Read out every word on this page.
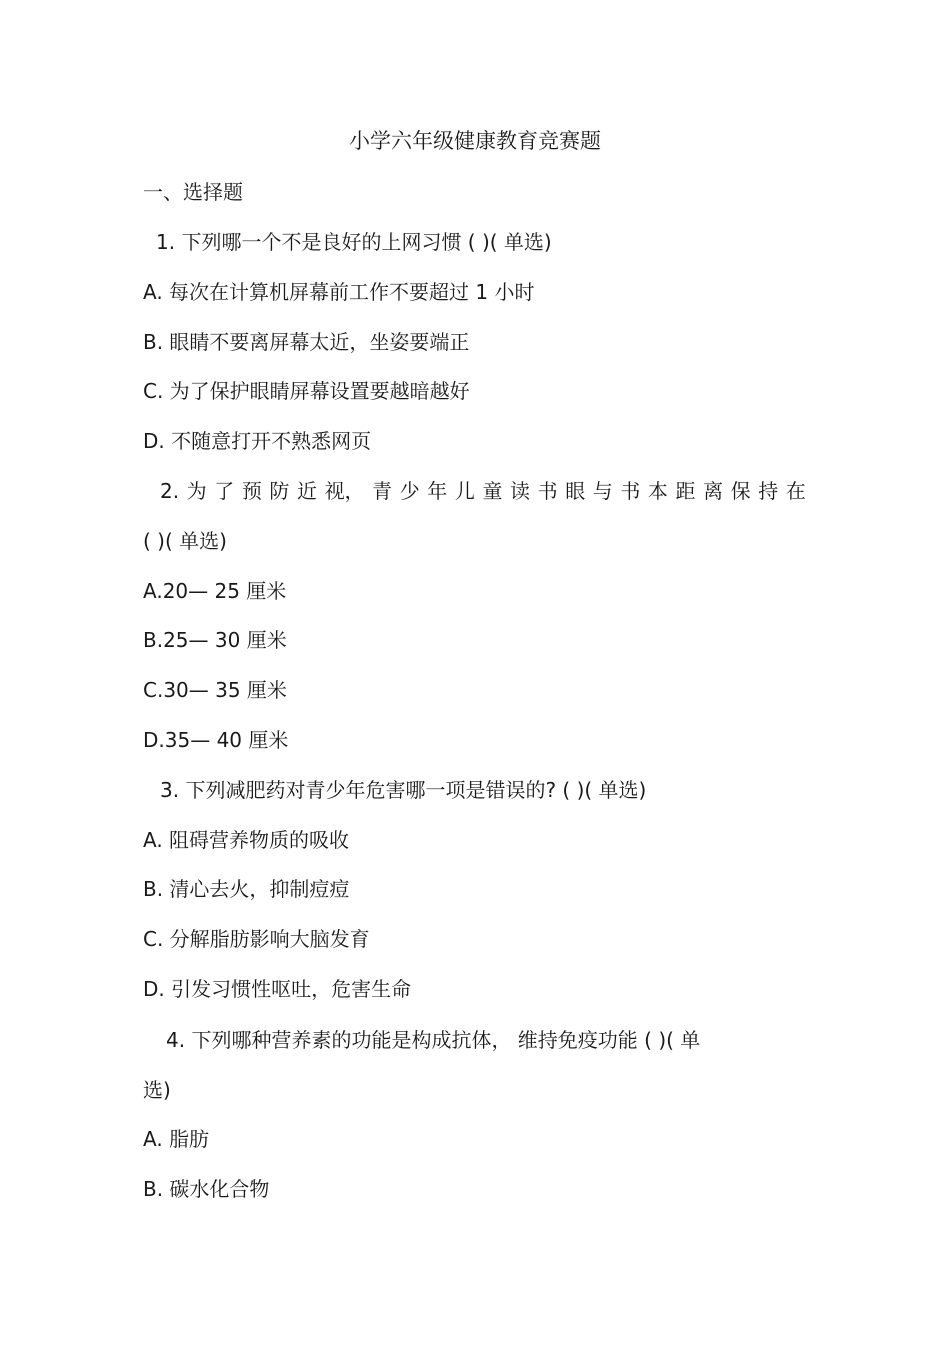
小学六年级健康教育竞赛题
一、选择题
1. 下列哪一个不是良好的上网习惯 ( )( 单选)
A. 每次在计算机屏幕前工作不要超过 1 小时
B. 眼睛不要离屏幕太近，坐姿要端正
C. 为了保护眼睛屏幕设置要越暗越好
D. 不随意打开不熟悉网页
2. 为 了 预 防 近 视， 青 少 年 儿 童 读 书 眼 与 书 本 距 离 保 持 在
( )( 单选)
A.20— 25 厘米
B.25— 30 厘米
C.30— 35 厘米
D.35— 40 厘米
3. 下列减肥药对青少年危害哪一项是错误的? ( )( 单选)
A. 阻碍营养物质的吸收
B. 清心去火，抑制痘痘
C. 分解脂肪影响大脑发育
D. 引发习惯性呕吐，危害生命
4. 下列哪种营养素的功能是构成抗体， 维持免疫功能 ( )( 单
选)
A. 脂肪
B. 碳水化合物
